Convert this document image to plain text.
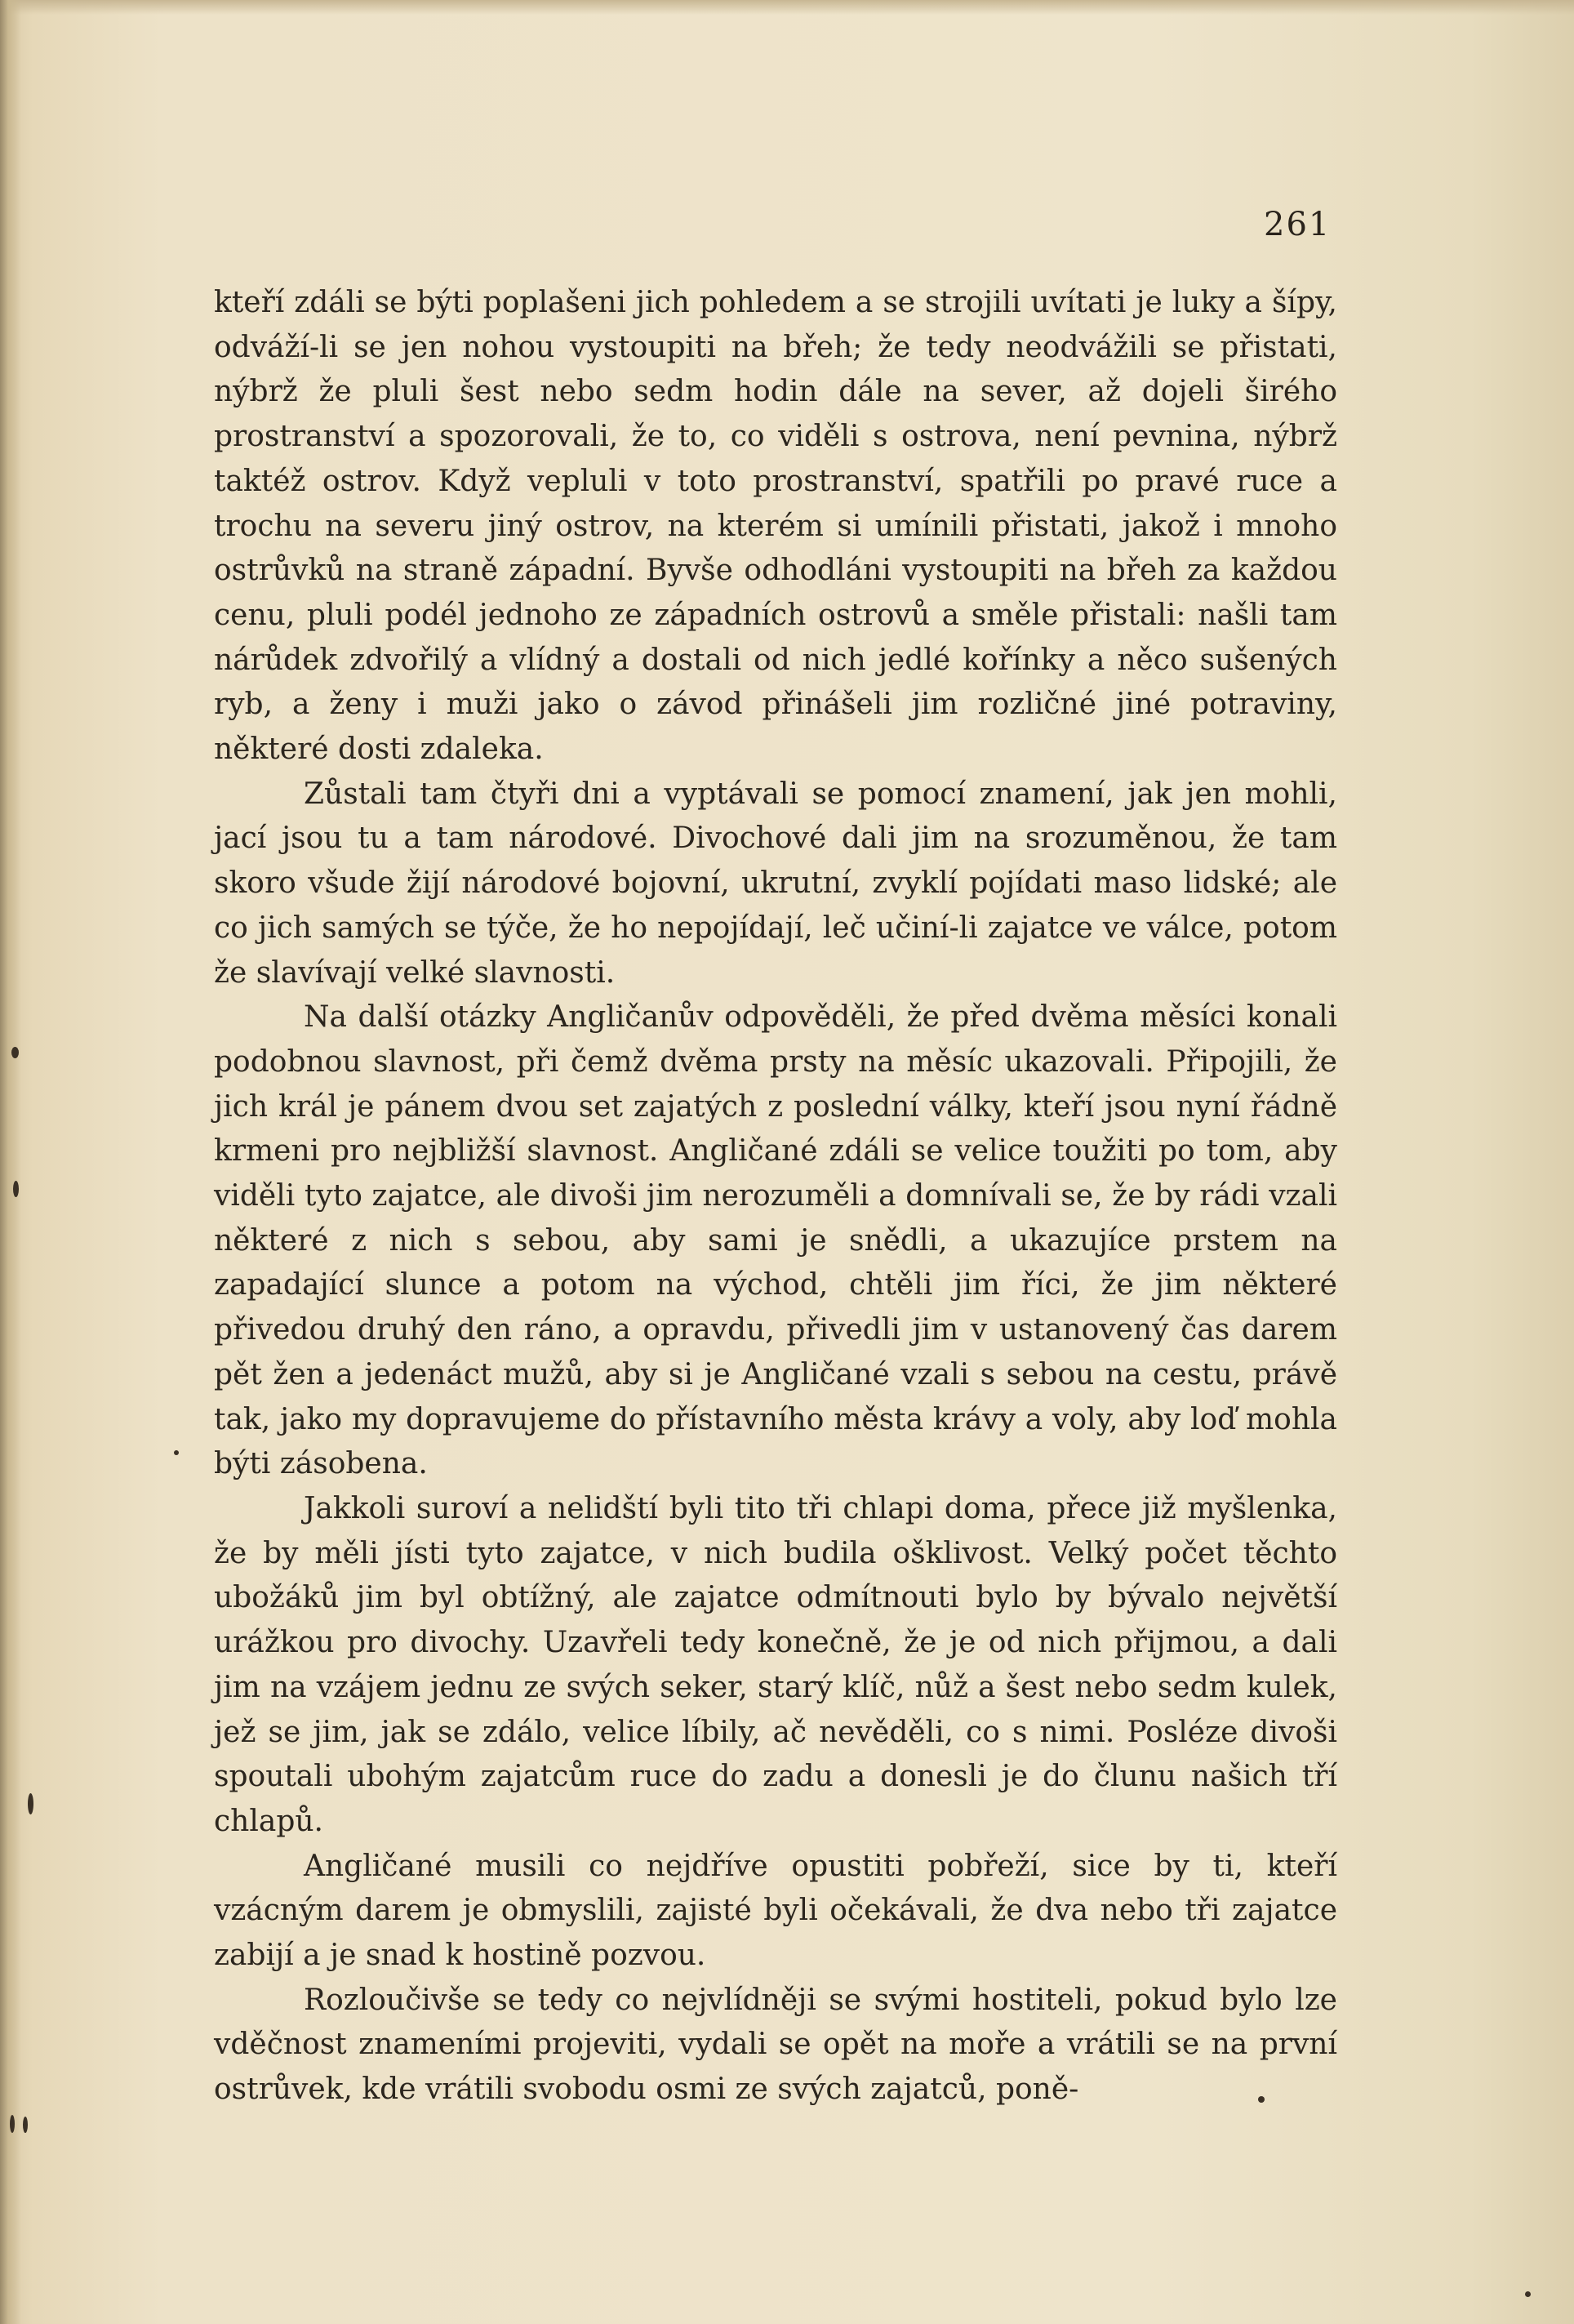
261

kteří zdáli se býti poplašeni jich pohledem a se strojili uvítati je luky a šípy, odváží-li se jen nohou vystoupiti na břeh; že tedy neodvážili se přistati, nýbrž že pluli šest nebo sedm hodin dále na sever, až dojeli širého prostranství a spozorovali, že to, co viděli s ostrova, není pevnina, nýbrž taktéž ostrov. Když vepluli v toto prostranství, spatřili po pravé ruce a trochu na severu jiný ostrov, na kterém si umínili přistati, jakož i mnoho ostrůvků na straně západní. Byvše odhodláni vystoupiti na břeh za každou cenu, pluli podél jednoho ze západních ostrovů a směle přistali: našli tam nárůdek zdvořilý a vlídný a dostali od nich jedlé kořínky a něco sušených ryb, a ženy i muži jako o závod přinášeli jim rozličné jiné potraviny, některé dosti zdaleka.

Zůstali tam čtyři dni a vyptávali se pomocí znamení, jak jen mohli, jací jsou tu a tam národové. Divochové dali jim na srozuměnou, že tam skoro všude žijí národové bojovní, ukrutní, zvyklí pojídati maso lidské; ale co jich samých se týče, že ho nepojídají, leč učiní-li zajatce ve válce, potom že slavívají velké slavnosti.

Na další otázky Angličanův odpověděli, že před dvěma měsíci konali podobnou slavnost, při čemž dvěma prsty na měsíc ukazovali. Připojili, že jich král je pánem dvou set zajatých z poslední války, kteří jsou nyní řádně krmeni pro nejbližší slavnost. Angličané zdáli se velice toužiti po tom, aby viděli tyto zajatce, ale divoši jim nerozuměli a domnívali se, že by rádi vzali některé z nich s sebou, aby sami je snědli, a ukazujíce prstem na zapadající slunce a potom na východ, chtěli jim říci, že jim některé přivedou druhý den ráno, a opravdu, přivedli jim v ustanovený čas darem pět žen a jedenáct mužů, aby si je Angličané vzali s sebou na cestu, právě tak, jako my dopravujeme do přístavního města krávy a voly, aby loď mohla býti zásobena.

Jakkoli suroví a nelidští byli tito tři chlapi doma, přece již myšlenka, že by měli jísti tyto zajatce, v nich budila ošklivost. Velký počet těchto ubožáků jim byl obtížný, ale zajatce odmítnouti bylo by bývalo největší urážkou pro divochy. Uzavřeli tedy konečně, že je od nich přijmou, a dali jim na vzájem jednu ze svých seker, starý klíč, nůž a šest nebo sedm kulek, jež se jim, jak se zdálo, velice líbily, ač nevěděli, co s nimi. Posléze divoši spoutali ubohým zajatcům ruce do zadu a donesli je do člunu našich tří chlapů.

Angličané musili co nejdříve opustiti pobřeží, sice by ti, kteří vzácným darem je obmyslili, zajisté byli očekávali, že dva nebo tři zajatce zabijí a je snad k hostině pozvou.

Rozloučivše se tedy co nejvlídněji se svými hostiteli, pokud bylo lze vděčnost znameními projeviti, vydali se opět na moře a vrátili se na první ostrůvek, kde vrátili svobodu osmi ze svých zajatců, poně-
